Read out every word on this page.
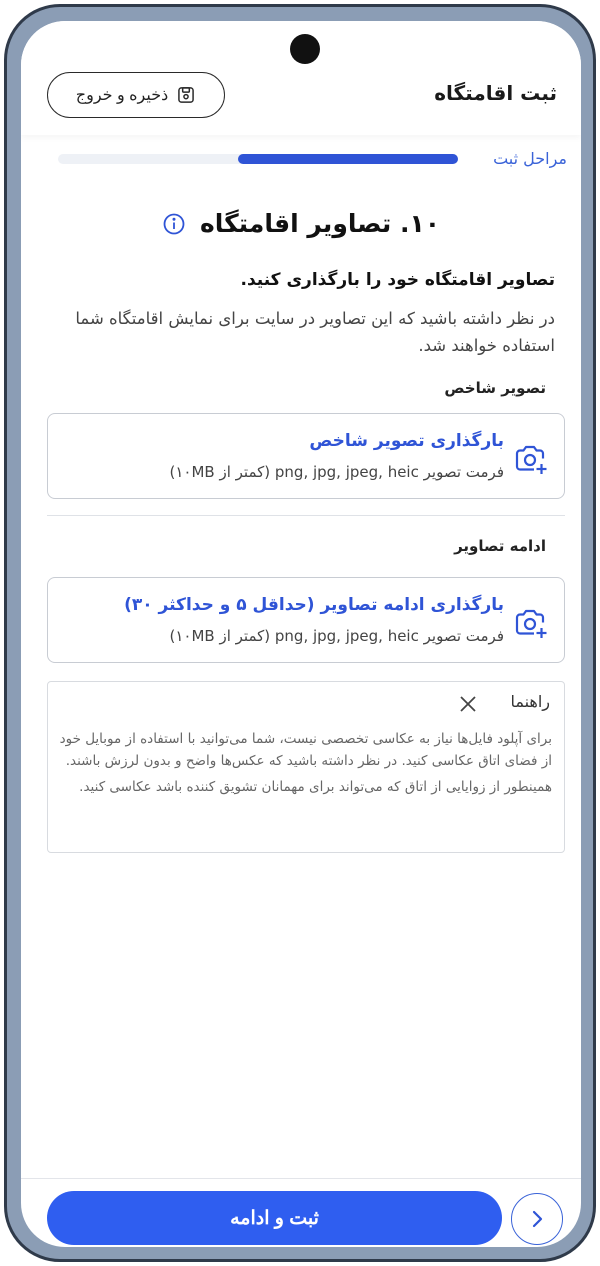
ثبت اقامتگاه
ذخیره و خروج
مراحل ثبت
۱۰. تصاویر اقامتگاه
تصاویر اقامتگاه خود را بارگذاری کنید.
در نظر داشته باشید که این تصاویر در سایت برای نمایش اقامتگاه شما استفاده خواهند شد.
تصویر شاخص
بارگذاری تصویر شاخص
فرمت تصویر png, jpg, jpeg, heic (کمتر از ۱۰MB)
ادامه تصاویر
بارگذاری ادامه تصاویر (حداقل ۵ و حداکثر ۳۰)
فرمت تصویر png, jpg, jpeg, heic (کمتر از ۱۰MB)
راهنما

برای آپلود فایل‌ها نیاز به عکاسی تخصصی نیست، شما می‌توانید با استفاده از موبایل خود از فضای اتاق عکاسی کنید. در نظر داشته باشید که عکس‌ها واضح و بدون لرزش باشند.

همینطور از زوایایی از اتاق که می‌تواند برای مهمانان تشویق کننده باشد عکاسی کنید.

ثبت و ادامه
